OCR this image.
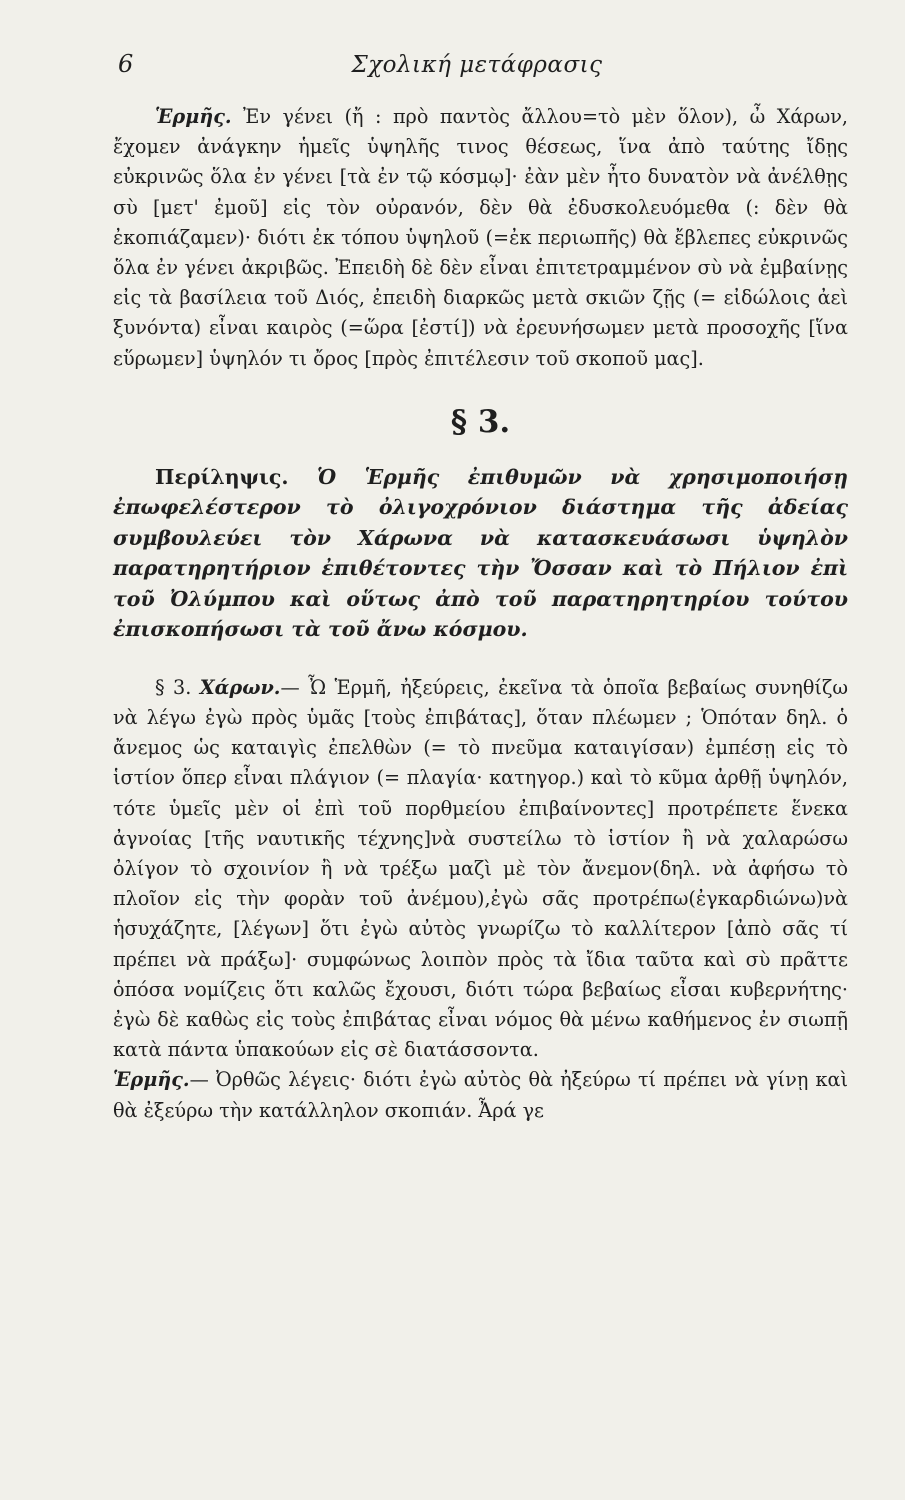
6	Σχολική μετάφρασις

Ἑρμῆς. Ἐν γένει (ἤ : πρὸ παντὸς ἄλλου=τὸ μὲν ὅλον), ὦ Χάρων, ἔχομεν ἀνάγκην ἡμεῖς ὑψηλῆς τινος θέσεως, ἵνα ἀπὸ ταύτης ἴδῃς εὐκρινῶς ὅλα ἐν γένει [τὰ ἐν τῷ κόσμῳ]· ἐὰν μὲν ἦτο δυνατὸν νὰ ἀνέλθῃς σὺ [μετ' ἐμοῦ] εἰς τὸν οὐρανόν, δὲν θὰ ἐδυσκολευόμεθα (: δὲν θὰ ἐκοπιάζαμεν)· διότι ἐκ τόπου ὑψηλοῦ (=ἐκ περιωπῆς) θὰ ἔβλεπες εὐκρινῶς ὅλα ἐν γένει ἀκριβῶς. Ἐπειδὴ δὲ δὲν εἶναι ἐπιτετραμμένον σὺ νὰ ἐμβαίνῃς εἰς τὰ βασίλεια τοῦ Διός, ἐπειδὴ διαρκῶς μετὰ σκιῶν ζῇς (= εἰδώλοις ἀεὶ ξυνόντα) εἶναι καιρὸς (=ὥρα [ἐστί]) νὰ ἐρευνήσωμεν μετὰ προσοχῆς [ἵνα εὕρωμεν] ὑψηλόν τι ὄρος [πρὸς ἐπιτέλεσιν τοῦ σκοποῦ μας].

§ 3.

Περίληψις. Ὁ Ἑρμῆς ἐπιθυμῶν νὰ χρησιμοποιήσῃ ἐπωφελέστερον τὸ ὀλιγοχρόνιον διάστημα τῆς ἀδείας συμβουλεύει τὸν Χάρωνα νὰ κατασκευάσωσι ὑψηλὸν παρατηρητήριον ἐπιθέτοντες τὴν Ὄσσαν καὶ τὸ Πήλιον ἐπὶ τοῦ Ὀλύμπου καὶ οὕτως ἀπὸ τοῦ παρατηρητηρίου τούτου ἐπισκοπήσωσι τὰ τοῦ ἄνω κόσμου.

§ 3. Χάρων.— Ὦ Ἑρμῆ, ἠξεύρεις, ἐκεῖνα τὰ ὁποῖα βεβαίως συνηθίζω νὰ λέγω ἐγὼ πρὸς ὑμᾶς [τοὺς ἐπιβάτας], ὅταν πλέωμεν ; Ὁπόταν δηλ. ὁ ἄνεμος ὡς καταιγὶς ἐπελθὼν (= τὸ πνεῦμα καταιγίσαν) ἐμπέσῃ εἰς τὸ ἱστίον ὅπερ εἶναι πλάγιον (= πλαγία· κατηγορ.) καὶ τὸ κῦμα ἀρθῇ ὑψηλόν, τότε ὑμεῖς μὲν οἱ ἐπὶ τοῦ πορθμείου ἐπιβαίνοντες] προτρέπετε ἕνεκα ἀγνοίας [τῆς ναυτικῆς τέχνης]νὰ συστείλω τὸ ἱστίον ἢ νὰ χαλαρώσω ὀλίγον τὸ σχοινίον ἢ νὰ τρέξω μαζὶ μὲ τὸν ἄνεμον(δηλ. νὰ ἀφήσω τὸ πλοῖον εἰς τὴν φορὰν τοῦ ἀνέμου),ἐγὼ σᾶς προτρέπω(ἐγκαρδιώνω)νὰ ἡσυχάζητε, [λέγων] ὅτι ἐγὼ αὐτὸς γνωρίζω τὸ καλλίτερον [ἀπὸ σᾶς τί πρέπει νὰ πράξω]· συμφώνως λοιπὸν πρὸς τὰ ἴδια ταῦτα καὶ σὺ πρᾶττε ὁπόσα νομίζεις ὅτι καλῶς ἔχουσι, διότι τώρα βεβαίως εἶσαι κυβερνήτης· ἐγὼ δὲ καθὼς εἰς τοὺς ἐπιβάτας εἶναι νόμος θὰ μένω καθήμενος ἐν σιωπῇ κατὰ πάντα ὑπακούων εἰς σὲ διατάσσοντα.

Ἑρμῆς.— Ὀρθῶς λέγεις· διότι ἐγὼ αὐτὸς θὰ ἠξεύρω τί πρέπει νὰ γίνῃ καὶ θὰ ἐξεύρω τὴν κατάλληλον σκοπιάν. Ἆρά γε
